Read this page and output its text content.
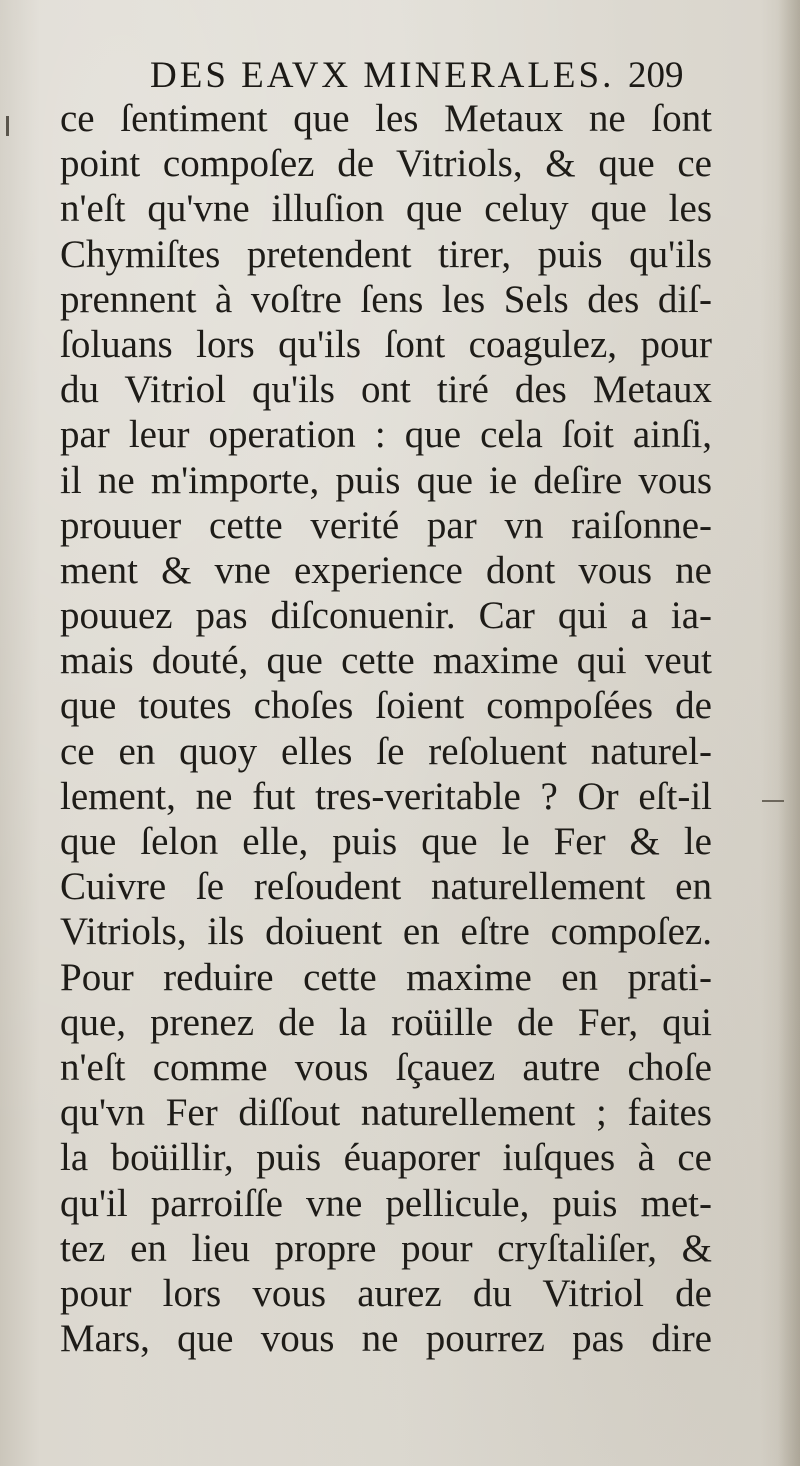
DES EAVX MINERALES. 209
ce ſentiment que les Metaux ne ſont
point compoſez de Vitriols, & que ce
n'eſt qu'vne illuſion que celuy que les
Chymiſtes pretendent tirer, puis qu'ils
prennent à voſtre ſens les Sels des diſ-
ſoluans lors qu'ils ſont coagulez, pour
du Vitriol qu'ils ont tiré des Metaux
par leur operation : que cela ſoit ainſi,
il ne m'importe, puis que ie deſire vous
prouuer cette verité par vn raiſonne-
ment & vne experience dont vous ne
pouuez pas diſconuenir. Car qui a ia-
mais douté, que cette maxime qui veut
que toutes choſes ſoient compoſées de
ce en quoy elles ſe reſoluent naturel-
lement, ne fut tres-veritable ? Or eſt-il
que ſelon elle, puis que le Fer & le
Cuivre ſe reſoudent naturellement en
Vitriols, ils doiuent en eſtre compoſez.
Pour reduire cette maxime en prati-
que, prenez de la roüille de Fer, qui
n'eſt comme vous ſçauez autre choſe
qu'vn Fer diſſout naturellement ; faites
la boüillir, puis éuaporer iuſques à ce
qu'il parroiſſe vne pellicule, puis met-
tez en lieu propre pour cryſtaliſer, &
pour lors vous aurez du Vitriol de
Mars, que vous ne pourrez pas dire
